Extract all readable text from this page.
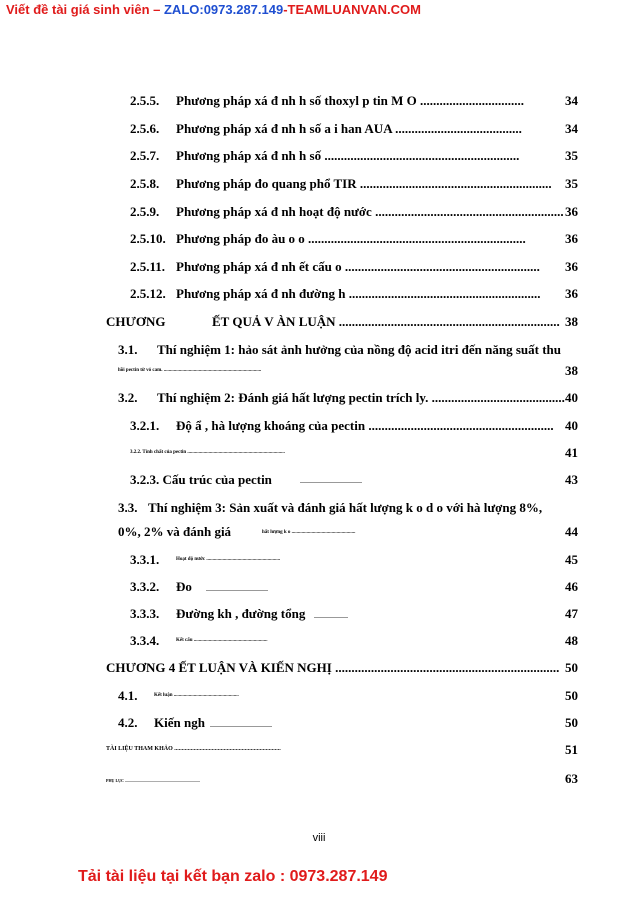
Viết đề tài giá sinh viên – ZALO:0973.287.149-TEAMLUANVAN.COM
2.5.5. Phương pháp xá đ nh h số thoxyl p tin M O ................................	34
2.5.6. Phương pháp xá đ nh h số a i han AUA .......................................	34
2.5.7. Phương pháp xá đ nh h số ............................................................	35
2.5.8. Phương pháp đo quang phổ TIR ...........................................................	35
2.5.9. Phương pháp xá đ nh hoạt độ nước .......................................................... 36
2.5.10. Phương pháp đo àu o o ...................................................................	36
2.5.11. Phương pháp xá đ nh ết cấu o ............................................................	36
2.5.12. Phương pháp xá đ nh đường h ...........................................................	36
CHƯƠNG	ẾT QUẢ V ÀN LUẬN .................................................................... 38
3.1. Thí nghiệm 1: hảo sát ảnh hưởng của nồng độ acid itri đến năng suất thu
hồi pectin từ vỏ cam. ..............................................................................	38
3.2. Thí nghiệm 2: Đánh giá hất lượng pectin trích ly. ......................................... 40
3.2.1. Độ ẩ , hà lượng khoáng của pectin ......................................................... 40
3.2.2. Tính chất của pectin ..............................................................................	41
3.2.3. Cấu trúc của pectin	43
3.3. Thí nghiệm 3: Sản xuất và đánh giá hất lượng k o d o với hà lượng 8%,
0%, 2% và đánh giá	hất lượng k o ...................................................	44
3.3.1.	Hoạt độ nước ...........................................................	45
3.3.2. Đo	46
3.3.3. Đường kh , đường tổng	47
3.3.4.	Kết cấu ...........................................................	48
CHƯƠNG 4 ẾT LUẬN VÀ KIẾN NGHỊ ..................................................................... 50
4.1.	Kết luận ....................................................	50
4.2. Kiến ngh	50
TÀI LIỆU THAM KHẢO .......................................................................	51
PHỤ LỤC ...........................................................................	63
viii
Tải tài liệu tại kết bạn zalo : 0973.287.149
